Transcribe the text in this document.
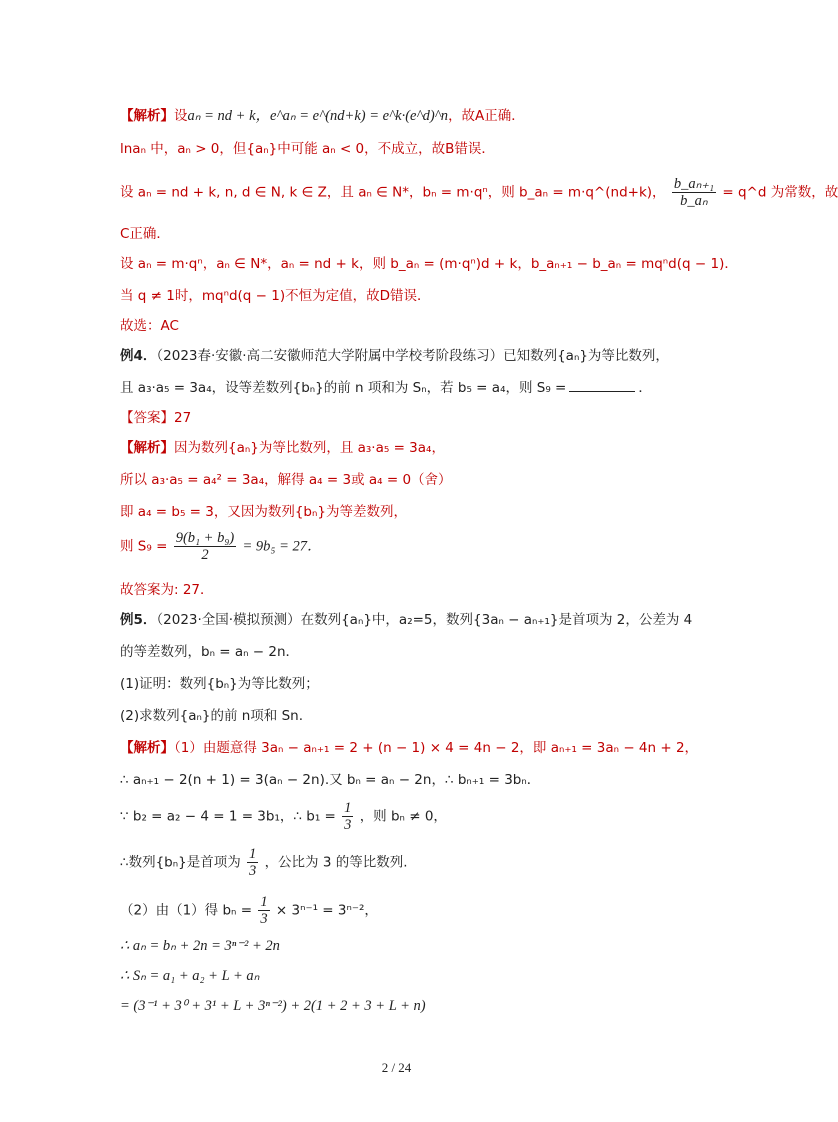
【解析】设aₙ = nd + k，e^aₙ = e^(nd+k) = e^k·(e^d)^n，故A正确．
lnaₙ 中，aₙ > 0，但{aₙ}中可能 aₙ < 0，不成立，故B错误．
设 aₙ = nd + k, n, d ∈ N, k ∈ Z，且 aₙ ∈ N*，bₙ = m·qⁿ，则 b_aₙ = m·q^(nd+k)， $\frac{\text{b\_aₙ₊₁}}{\text{b\_aₙ}}$ = q^d 为常数，故
C正确．
设 aₙ = m·qⁿ，aₙ ∈ N*，aₙ = nd + k，则 b_aₙ = (m·qⁿ)d + k，b_aₙ₊₁ − b_aₙ = mqⁿd(q − 1)．
当 q ≠ 1时，mqⁿd(q − 1)不恒为定值，故D错误．
故选：AC
例4．（2023春·安徽·高二安徽师范大学附属中学校考阶段练习）已知数列{aₙ}为等比数列，
且 a₃·a₅ = 3a₄，设等差数列{bₙ}的前 n 项和为 Sₙ，若 b₅ = a₄，则 S₉ =	．
【答案】27
【解析】因为数列{aₙ}为等比数列，且 a₃·a₅ = 3a₄，
所以 a₃·a₅ = a₄² = 3a₄，解得 a₄ = 3或 a₄ = 0（舍）
即 a₄ = b₅ = 3，又因为数列{bₙ}为等差数列，
则 $S_9 = \frac{\text{9(b₁ + b₉)}}{2} = 9b_5 = 27$．
故答案为: 27．
例5．（2023·全国·模拟预测）在数列{aₙ}中，a₂=5，数列{3aₙ − aₙ₊₁}是首项为 2，公差为 4
的等差数列，bₙ = aₙ − 2n．
(1)证明：数列{bₙ}为等比数列；
(2)求数列{aₙ}的前 n项和 Sn.
【解析】（1）由题意得 3aₙ − aₙ₊₁ = 2 + (n − 1) × 4 = 4n − 2，即 aₙ₊₁ = 3aₙ − 4n + 2，
∴ aₙ₊₁ − 2(n + 1) = 3(aₙ − 2n).又 bₙ = aₙ − 2n，∴ bₙ₊₁ = 3bₙ．
∵ b₂ = a₂ − 4 = 1 = 3b₁，∴ $b_1 = \frac{1}{3}$ ，则 bₙ ≠ 0，
∴数列{bₙ}是首项为 $\frac{1}{3}$ ，公比为 3 的等比数列.
（2）由（1）得 $b_n = \frac{1}{3} \times 3^{n-1} = 3^{n-2}$，
∴ aₙ = bₙ + 2n = 3ⁿ⁻² + 2n
∴ Sₙ = a₁ + a₂ + L + aₙ
= (3⁻¹ + 3⁰ + 3¹ + L + 3ⁿ⁻²) + 2(1 + 2 + 3 + L + n)
2 / 24
